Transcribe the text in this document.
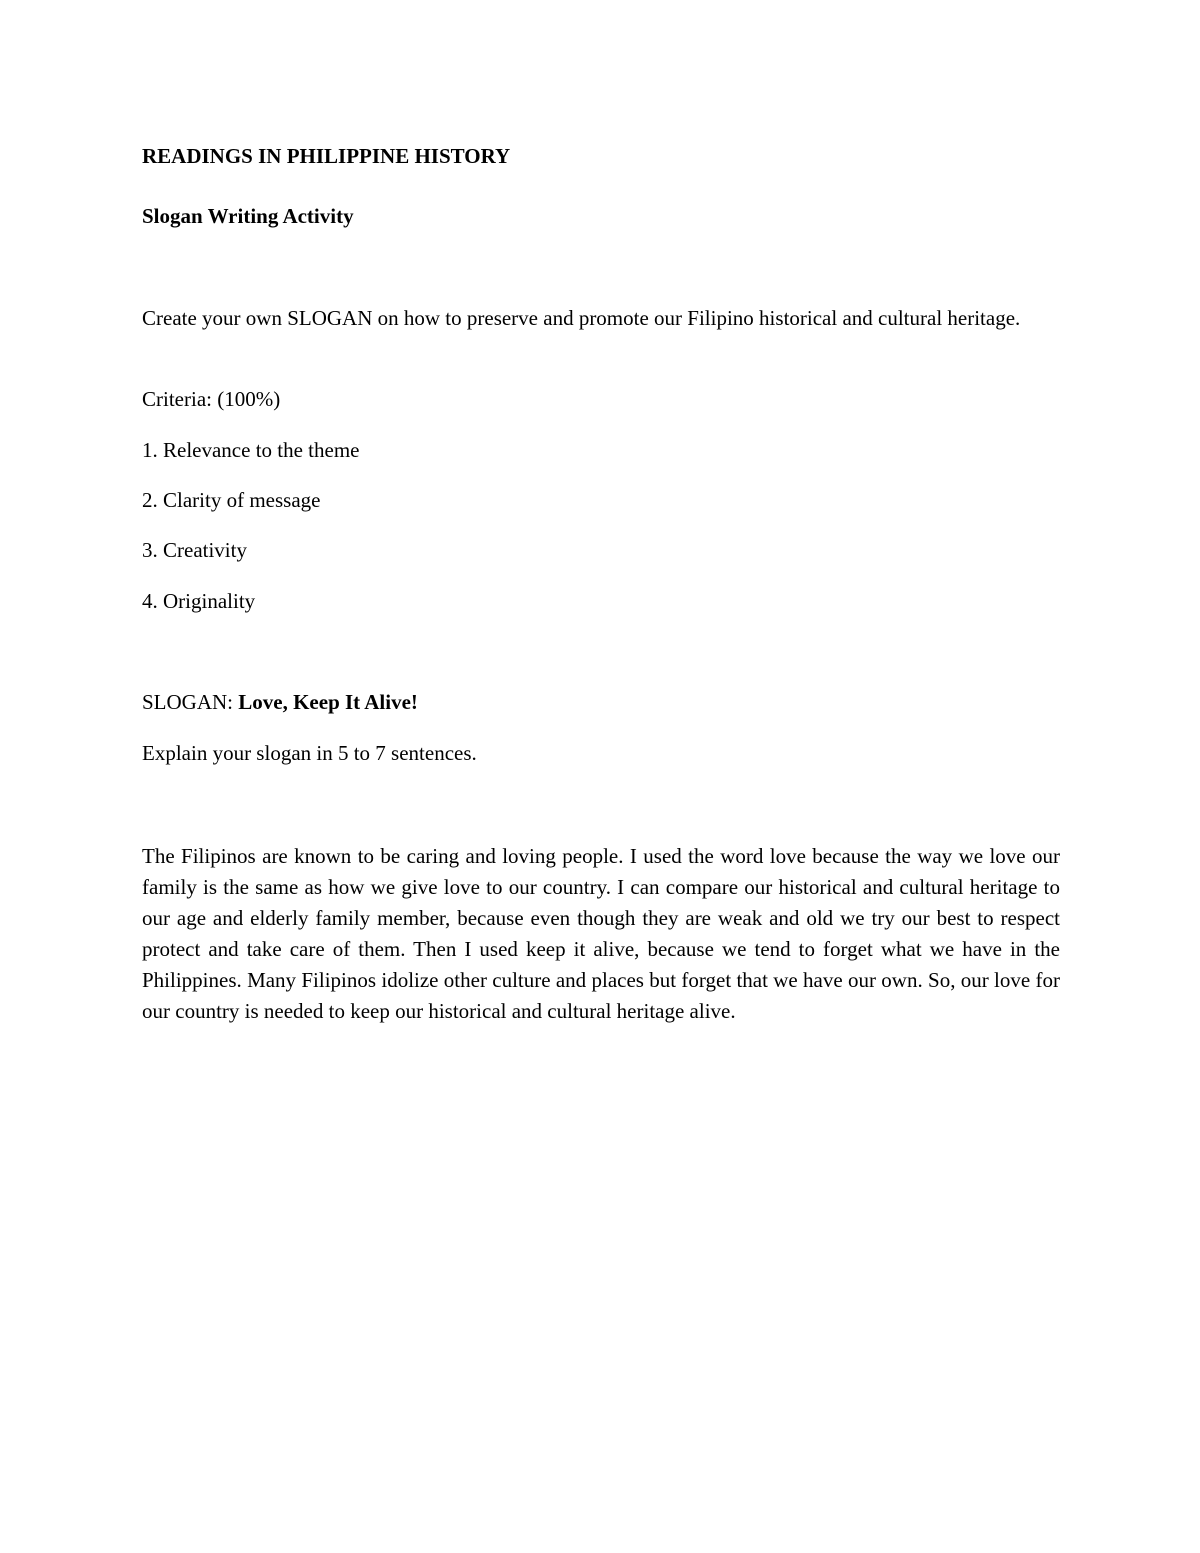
READINGS IN PHILIPPINE HISTORY
Slogan Writing Activity
Create your own SLOGAN on how to preserve and promote our Filipino historical and cultural heritage.
Criteria: (100%)
1. Relevance to the theme
2. Clarity of message
3. Creativity
4. Originality
SLOGAN: Love, Keep It Alive!
Explain your slogan in 5 to 7 sentences.
The Filipinos are known to be caring and loving people. I used the word love because the way we love our family is the same as how we give love to our country. I can compare our historical and cultural heritage to our age and elderly family member, because even though they are weak and old we try our best to respect protect and take care of them. Then I used keep it alive, because we tend to forget what we have in the Philippines. Many Filipinos idolize other culture and places but forget that we have our own. So, our love for our country is needed to keep our historical and cultural heritage alive.
